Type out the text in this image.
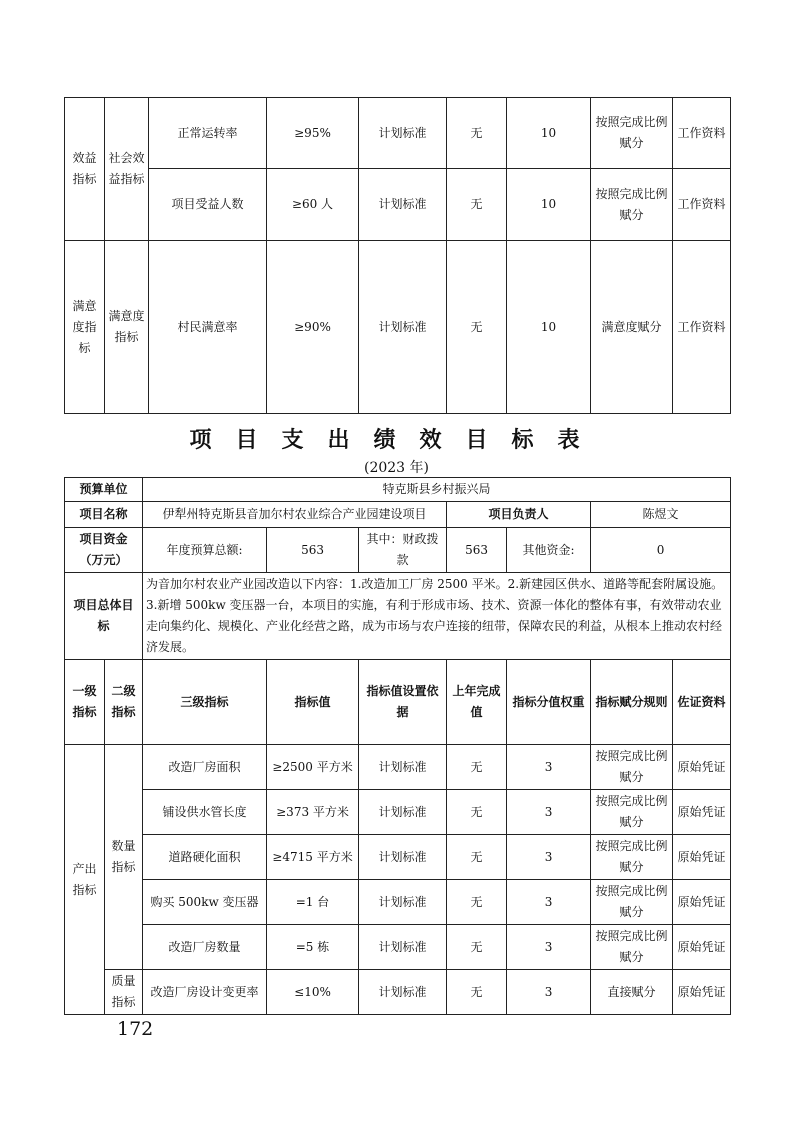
效益指标	社会效益指标	正常运转率	≥95%	计划标准	无	10	按照完成比例赋分	工作资料
		项目受益人数	≥60 人	计划标准	无	10	按照完成比例赋分	工作资料
满意度指标	满意度指标	村民满意率	≥90%	计划标准	无	10	满意度赋分	工作资料
项目支出绩效目标表
(2023 年)
预算单位		特克斯县乡村振兴局						
项目名称		伊犁州特克斯县音加尔村农业综合产业园建设项目			项目负责人		陈煜文	
项目资金（万元）		年度预算总额:	563	其中：财政拨款	563	其他资金:	0	
项目总体目标		为音加尔村农业产业园改造以下内容：1.改造加工厂房 2500 平米。2.新建园区供水、道路等配套附属设施。3.新增 500kw 变压器一台，本项目的实施，有利于形成市场、技术、资源一体化的整体有事，有效带动农业走向集约化、规模化、产业化经营之路，成为市场与农户连接的纽带，保障农民的利益，从根本上推动农村经济发展。						
一级指标	二级指标	三级指标	指标值	指标值设置依据	上年完成值	指标分值权重	指标赋分规则	佐证资料
产出指标	数量指标	改造厂房面积	≥2500 平方米	计划标准	无	3	按照完成比例赋分	原始凭证
		铺设供水管长度	≥373 平方米	计划标准	无	3	按照完成比例赋分	原始凭证
		道路硬化面积	≥4715 平方米	计划标准	无	3	按照完成比例赋分	原始凭证
		购买 500kw 变压器	=1 台	计划标准	无	3	按照完成比例赋分	原始凭证
		改造厂房数量	=5 栋	计划标准	无	3	按照完成比例赋分	原始凭证
	质量指标	改造厂房设计变更率	≤10%	计划标准	无	3	直接赋分	原始凭证
172
